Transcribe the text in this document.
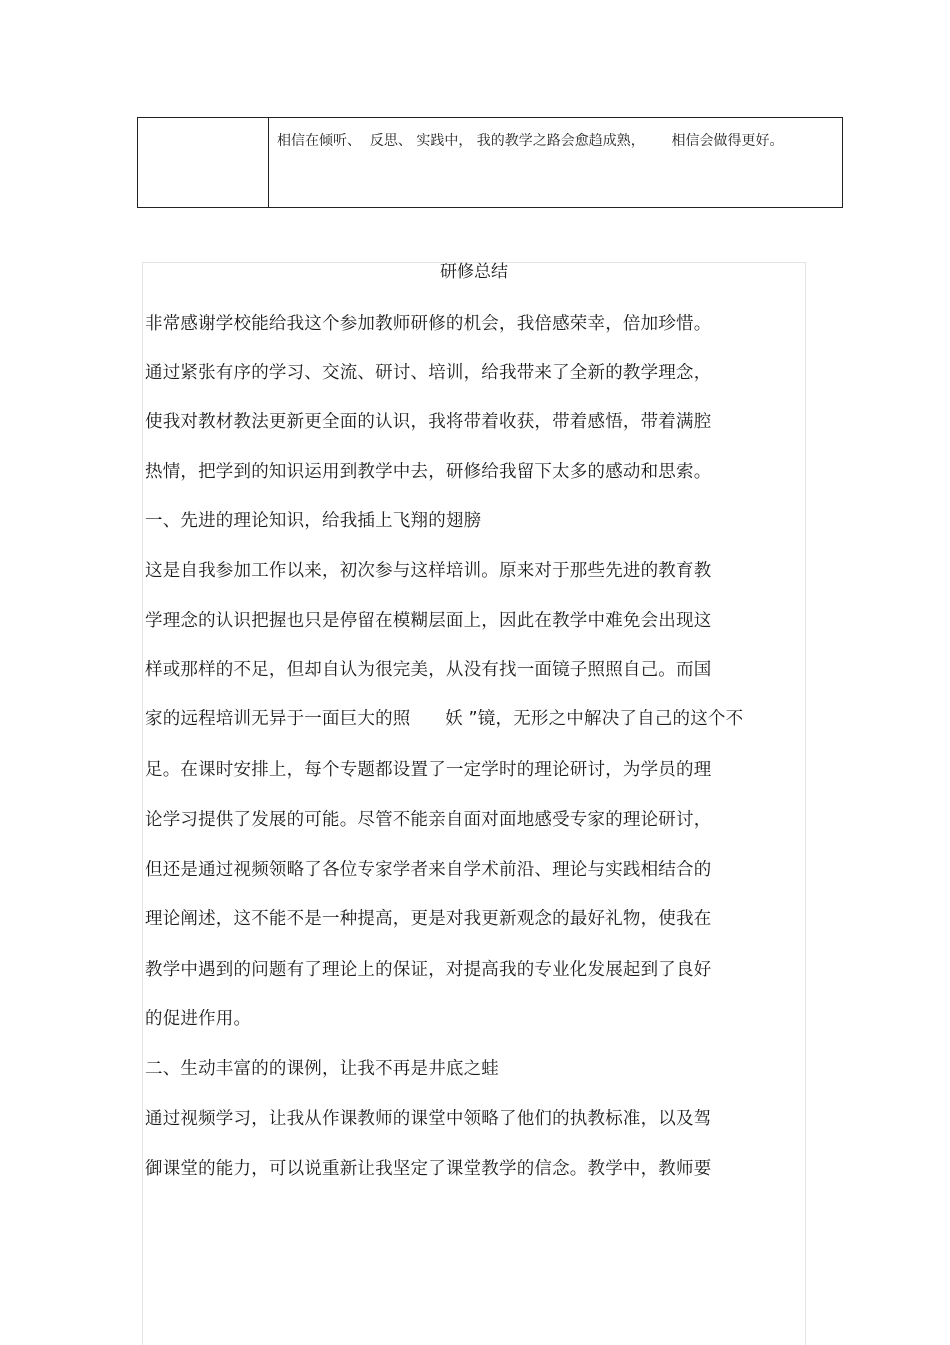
相信在倾听、  反思、 实践中， 我的教学之路会愈趋成熟，      相信会做得更好。
研修总结
非常感谢学校能给我这个参加教师研修的机会，我倍感荣幸，倍加珍惜。
通过紧张有序的学习、交流、研讨、培训，给我带来了全新的教学理念，
使我对教材教法更新更全面的认识，我将带着收获，带着感悟，带着满腔
热情，把学到的知识运用到教学中去，研修给我留下太多的感动和思索。
一、先进的理论知识，给我插上飞翔的翅膀
这是自我参加工作以来，初次参与这样培训。原来对于那些先进的教育教
学理念的认识把握也只是停留在模糊层面上，因此在教学中难免会出现这
样或那样的不足，但却自认为很完美，从没有找一面镜子照照自己。而国
家的远程培训无异于一面巨大的照      妖 ”镜，无形之中解决了自己的这个不
足。在课时安排上，每个专题都设置了一定学时的理论研讨，为学员的理
论学习提供了发展的可能。尽管不能亲自面对面地感受专家的理论研讨，
但还是通过视频领略了各位专家学者来自学术前沿、理论与实践相结合的
理论阐述，这不能不是一种提高，更是对我更新观念的最好礼物，使我在
教学中遇到的问题有了理论上的保证，对提高我的专业化发展起到了良好
的促进作用。
二、生动丰富的的课例，让我不再是井底之蛙
通过视频学习，让我从作课教师的课堂中领略了他们的执教标准，以及驾
御课堂的能力，可以说重新让我坚定了课堂教学的信念。教学中，教师要
